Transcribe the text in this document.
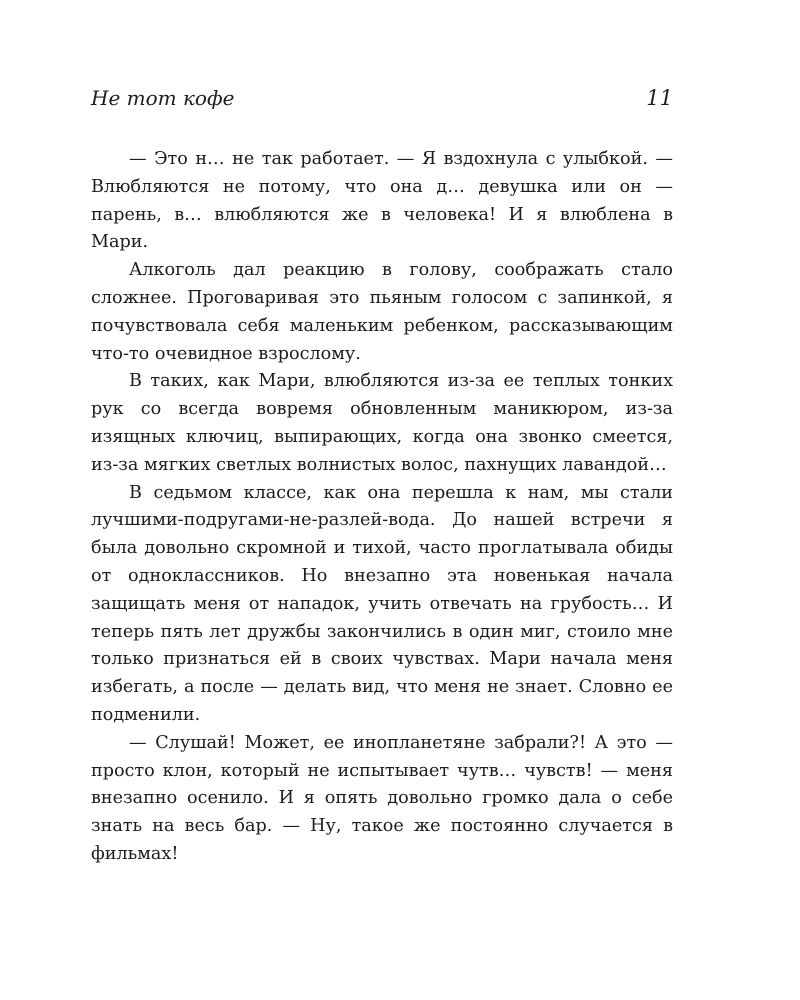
Не тот кофе	11

— Это н… не так работает. — Я вздохнула с улыбкой. — Влюбляются не потому, что она д… девушка или он — парень, в… влюбляются же в человека! И я влюблена в Мари.

Алкоголь дал реакцию в голову, соображать стало сложнее. Проговаривая это пьяным голосом с запинкой, я почувствовала себя маленьким ребенком, рассказывающим что-то очевидное взрослому.

В таких, как Мари, влюбляются из-за ее теплых тонких рук со всегда вовремя обновленным маникюром, из-за изящных ключиц, выпирающих, когда она звонко смеется, из-за мягких светлых волнистых волос, пахнущих лавандой…

В седьмом классе, как она перешла к нам, мы стали лучшими-подругами-не-разлей-вода. До нашей встречи я была довольно скромной и тихой, часто проглатывала обиды от одноклассников. Но внезапно эта новенькая начала защищать меня от нападок, учить отвечать на грубость… И теперь пять лет дружбы закончились в один миг, стоило мне только признаться ей в своих чувствах. Мари начала меня избегать, а после — делать вид, что меня не знает. Словно ее подменили.

— Слушай! Может, ее инопланетяне забрали?! А это — просто клон, который не испытывает чутв… чувств! — меня внезапно осенило. И я опять довольно громко дала о себе знать на весь бар. — Ну, такое же постоянно случается в фильмах!
